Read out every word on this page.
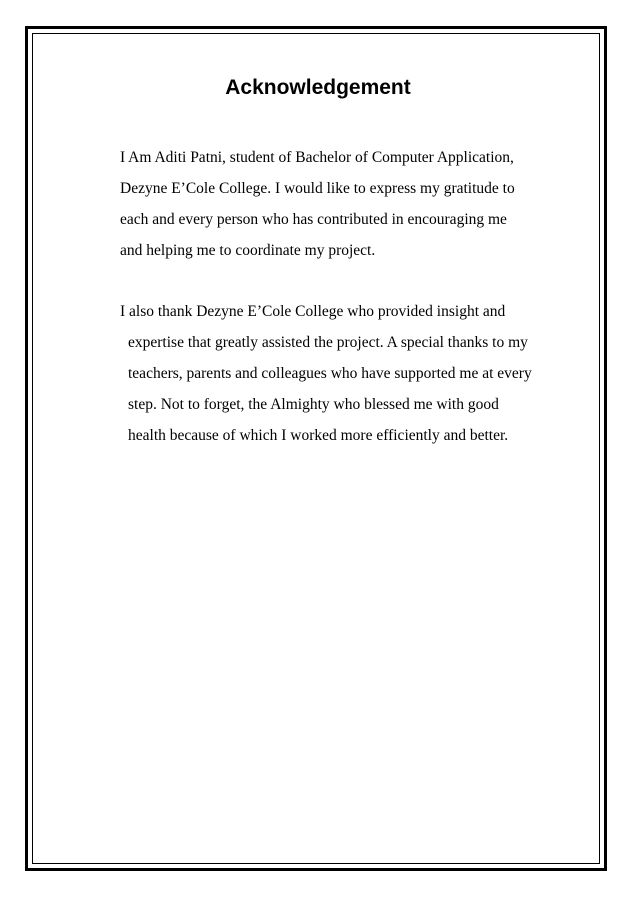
Acknowledgement

I Am Aditi Patni, student of Bachelor of Computer Application,

Dezyne E’Cole College. I would like to express my gratitude to

each and every person who has contributed in encouraging me

and helping me to coordinate my project.

I also thank Dezyne E’Cole College who provided insight and

expertise that greatly assisted the project. A special thanks to my

teachers, parents and colleagues who have supported me at every

step. Not to forget, the Almighty who blessed me with good

health because of which I worked more efficiently and better.
